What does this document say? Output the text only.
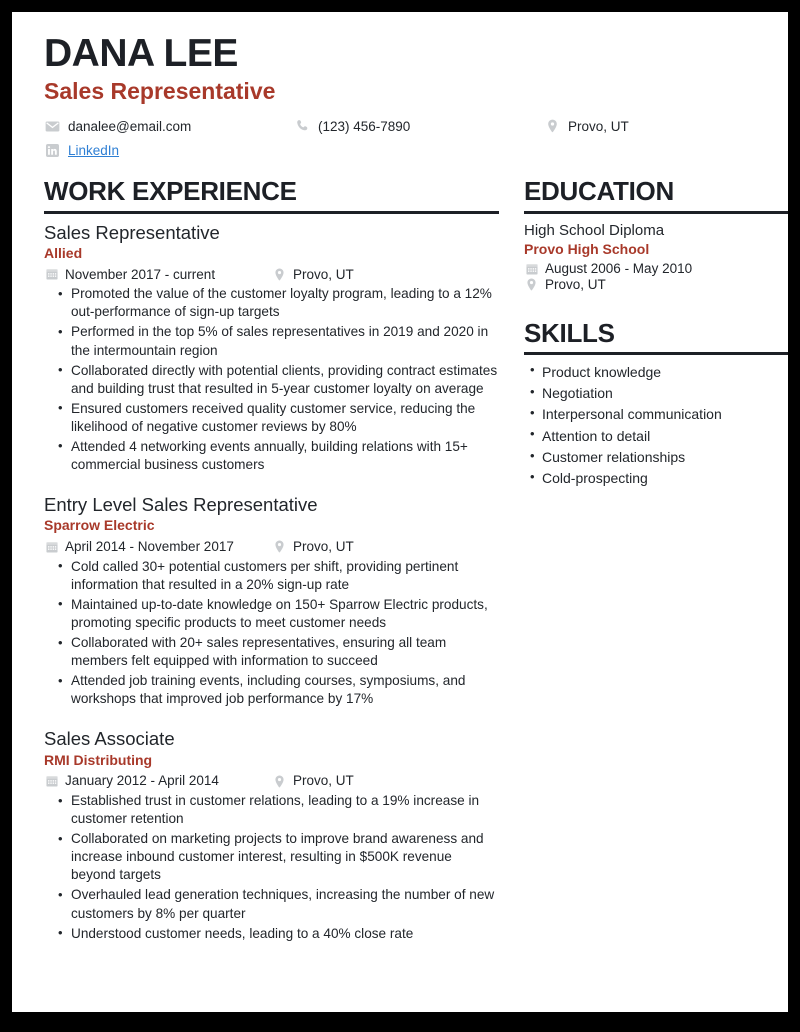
DANA LEE
Sales Representative
danalee@email.com	(123) 456-7890	Provo, UT
LinkedIn
WORK EXPERIENCE
Sales Representative
Allied
November 2017 - current	Provo, UT
• Promoted the value of the customer loyalty program, leading to a 12% out-performance of sign-up targets
• Performed in the top 5% of sales representatives in 2019 and 2020 in the intermountain region
• Collaborated directly with potential clients, providing contract estimates and building trust that resulted in 5-year customer loyalty on average
• Ensured customers received quality customer service, reducing the likelihood of negative customer reviews by 80%
• Attended 4 networking events annually, building relations with 15+ commercial business customers
Entry Level Sales Representative
Sparrow Electric
April 2014 - November 2017	Provo, UT
• Cold called 30+ potential customers per shift, providing pertinent information that resulted in a 20% sign-up rate
• Maintained up-to-date knowledge on 150+ Sparrow Electric products, promoting specific products to meet customer needs
• Collaborated with 20+ sales representatives, ensuring all team members felt equipped with information to succeed
• Attended job training events, including courses, symposiums, and workshops that improved job performance by 17%
Sales Associate
RMI Distributing
January 2012 - April 2014	Provo, UT
• Established trust in customer relations, leading to a 19% increase in customer retention
• Collaborated on marketing projects to improve brand awareness and increase inbound customer interest, resulting in $500K revenue beyond targets
• Overhauled lead generation techniques, increasing the number of new customers by 8% per quarter
• Understood customer needs, leading to a 40% close rate
EDUCATION
High School Diploma
Provo High School
August 2006 - May 2010
Provo, UT
SKILLS
• Product knowledge
• Negotiation
• Interpersonal communication
• Attention to detail
• Customer relationships
• Cold-prospecting
